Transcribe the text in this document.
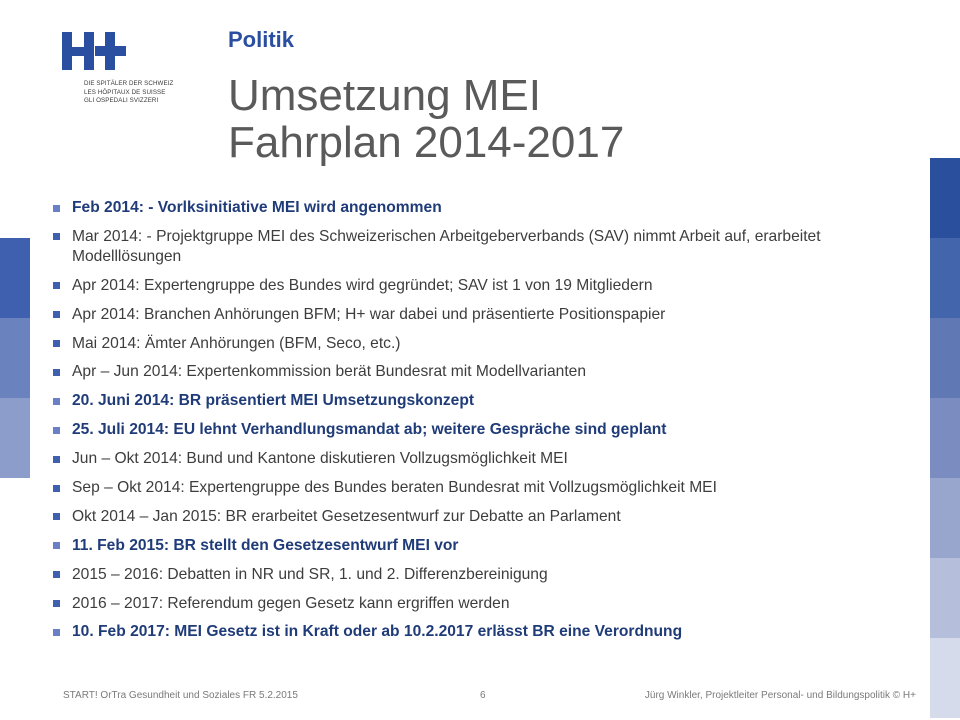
DIE SPITÄLER DER SCHWEIZ
LES HÔPITAUX DE SUISSE
GLI OSPEDALI SVIZZERI
Politik
Umsetzung MEI
Fahrplan 2014-2017
Feb 2014: - Vorlksinitiative MEI wird angenommen
Mar 2014: - Projektgruppe MEI des Schweizerischen Arbeitgeberverbands (SAV) nimmt Arbeit auf, erarbeitet Modelllösungen
Apr 2014: Expertengruppe des Bundes wird gegründet; SAV ist 1 von 19 Mitgliedern
Apr 2014: Branchen Anhörungen BFM; H+ war dabei und präsentierte Positionspapier
Mai 2014: Ämter Anhörungen (BFM, Seco, etc.)
Apr – Jun 2014: Expertenkommission berät Bundesrat mit Modellvarianten
20. Juni 2014: BR präsentiert MEI Umsetzungskonzept
25. Juli 2014: EU lehnt Verhandlungsmandat ab; weitere Gespräche sind geplant
Jun – Okt 2014: Bund und Kantone diskutieren Vollzugsmöglichkeit MEI
Sep – Okt 2014: Expertengruppe des Bundes beraten Bundesrat mit Vollzugsmöglichkeit MEI
Okt 2014 – Jan 2015: BR erarbeitet Gesetzesentwurf zur Debatte an Parlament
11. Feb 2015: BR stellt den Gesetzesentwurf MEI vor
2015 – 2016: Debatten in NR und SR, 1. und 2. Differenzbereinigung
2016 – 2017: Referendum gegen Gesetz kann ergriffen werden
10. Feb 2017: MEI Gesetz ist in Kraft oder ab 10.2.2017 erlässt BR eine Verordnung
START! OrTra Gesundheit und Soziales FR 5.2.2015	6	Jürg Winkler, Projektleiter Personal- und Bildungspolitik © H+
